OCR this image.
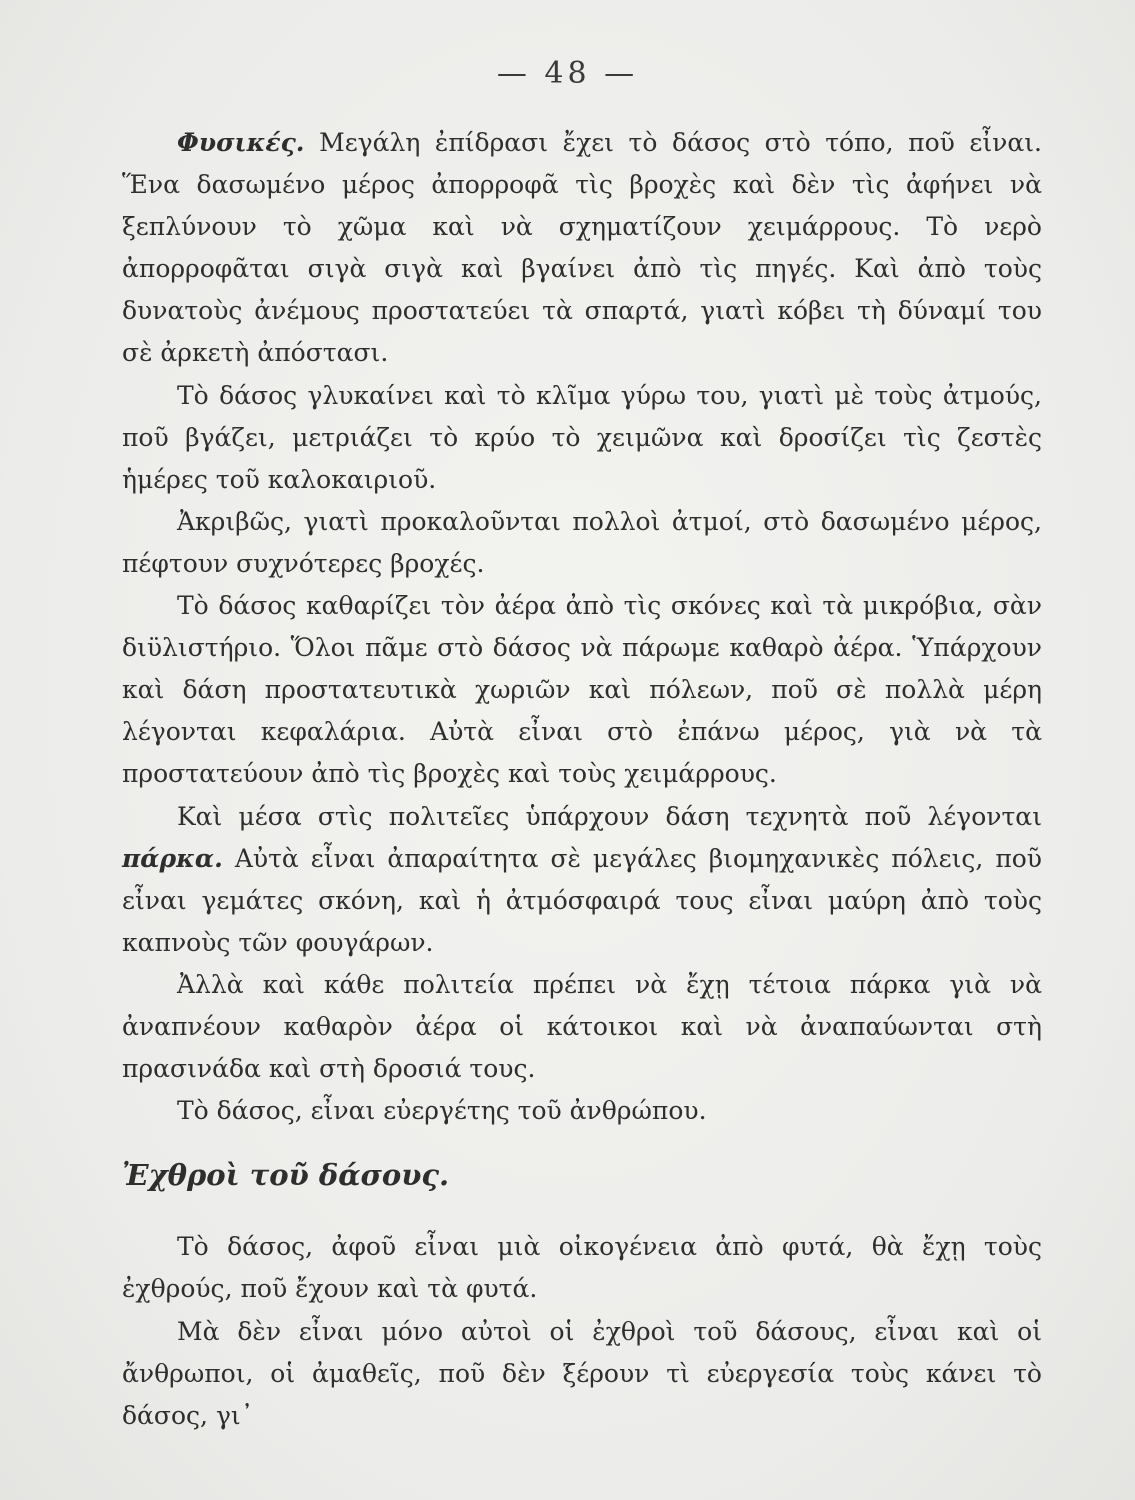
— 48 —

Φυσικές. Μεγάλη ἐπίδρασι ἔχει τὸ δάσος στὸ τόπο, ποῦ εἶναι. Ἕνα δασωμένο μέρος ἀπορροφᾶ τὶς βροχὲς καὶ δὲν τὶς ἀφήνει νὰ ξεπλύνουν τὸ χῶμα καὶ νὰ σχηματίζουν χειμάρρους. Τὸ νερὸ ἀπορροφᾶται σιγὰ σιγὰ καὶ βγαίνει ἀπὸ τὶς πηγές. Καὶ ἀπὸ τοὺς δυνατοὺς ἀνέμους προστατεύει τὰ σπαρτά, γιατὶ κόβει τὴ δύναμί του σὲ ἀρκετὴ ἀπόστασι.

Τὸ δάσος γλυκαίνει καὶ τὸ κλῖμα γύρω του, γιατὶ μὲ τοὺς ἀτμούς, ποῦ βγάζει, μετριάζει τὸ κρύο τὸ χειμῶνα καὶ δροσίζει τὶς ζεστὲς ἡμέρες τοῦ καλοκαιριοῦ.

Ἀκριβῶς, γιατὶ προκαλοῦνται πολλοὶ ἀτμοί, στὸ δασωμένο μέρος, πέφτουν συχνότερες βροχές.

Τὸ δάσος καθαρίζει τὸν ἀέρα ἀπὸ τὶς σκόνες καὶ τὰ μικρόβια, σὰν διϋλιστήριο. Ὅλοι πᾶμε στὸ δάσος νὰ πάρωμε καθαρὸ ἀέρα. Ὑπάρχουν καὶ δάση προστατευτικὰ χωριῶν καὶ πόλεων, ποῦ σὲ πολλὰ μέρη λέγονται κεφαλάρια. Αὐτὰ εἶναι στὸ ἐπάνω μέρος, γιὰ νὰ τὰ προστατεύουν ἀπὸ τὶς βροχὲς καὶ τοὺς χειμάρρους.

Καὶ μέσα στὶς πολιτεῖες ὑπάρχουν δάση τεχνητὰ ποῦ λέγονται πάρκα. Αὐτὰ εἶναι ἀπαραίτητα σὲ μεγάλες βιομηχανικὲς πόλεις, ποῦ εἶναι γεμάτες σκόνη, καὶ ἡ ἀτμόσφαιρά τους εἶναι μαύρη ἀπὸ τοὺς καπνοὺς τῶν φουγάρων.

Ἀλλὰ καὶ κάθε πολιτεία πρέπει νὰ ἔχῃ τέτοια πάρκα γιὰ νὰ ἀναπνέουν καθαρὸν ἀέρα οἱ κάτοικοι καὶ νὰ ἀναπαύωνται στὴ πρασινάδα καὶ στὴ δροσιά τους.

Τὸ δάσος, εἶναι εὐεργέτης τοῦ ἀνθρώπου.

Ἐχθροὶ τοῦ δάσους.

Τὸ δάσος, ἀφοῦ εἶναι μιὰ οἰκογένεια ἀπὸ φυτά, θὰ ἔχῃ τοὺς ἐχθρούς, ποῦ ἔχουν καὶ τὰ φυτά.

Μὰ δὲν εἶναι μόνο αὐτοὶ οἱ ἐχθροὶ τοῦ δάσους, εἶναι καὶ οἱ ἄνθρωποι, οἱ ἀμαθεῖς, ποῦ δὲν ξέρουν τὶ εὐεργεσία τοὺς κάνει τὸ δάσος, γι᾽
